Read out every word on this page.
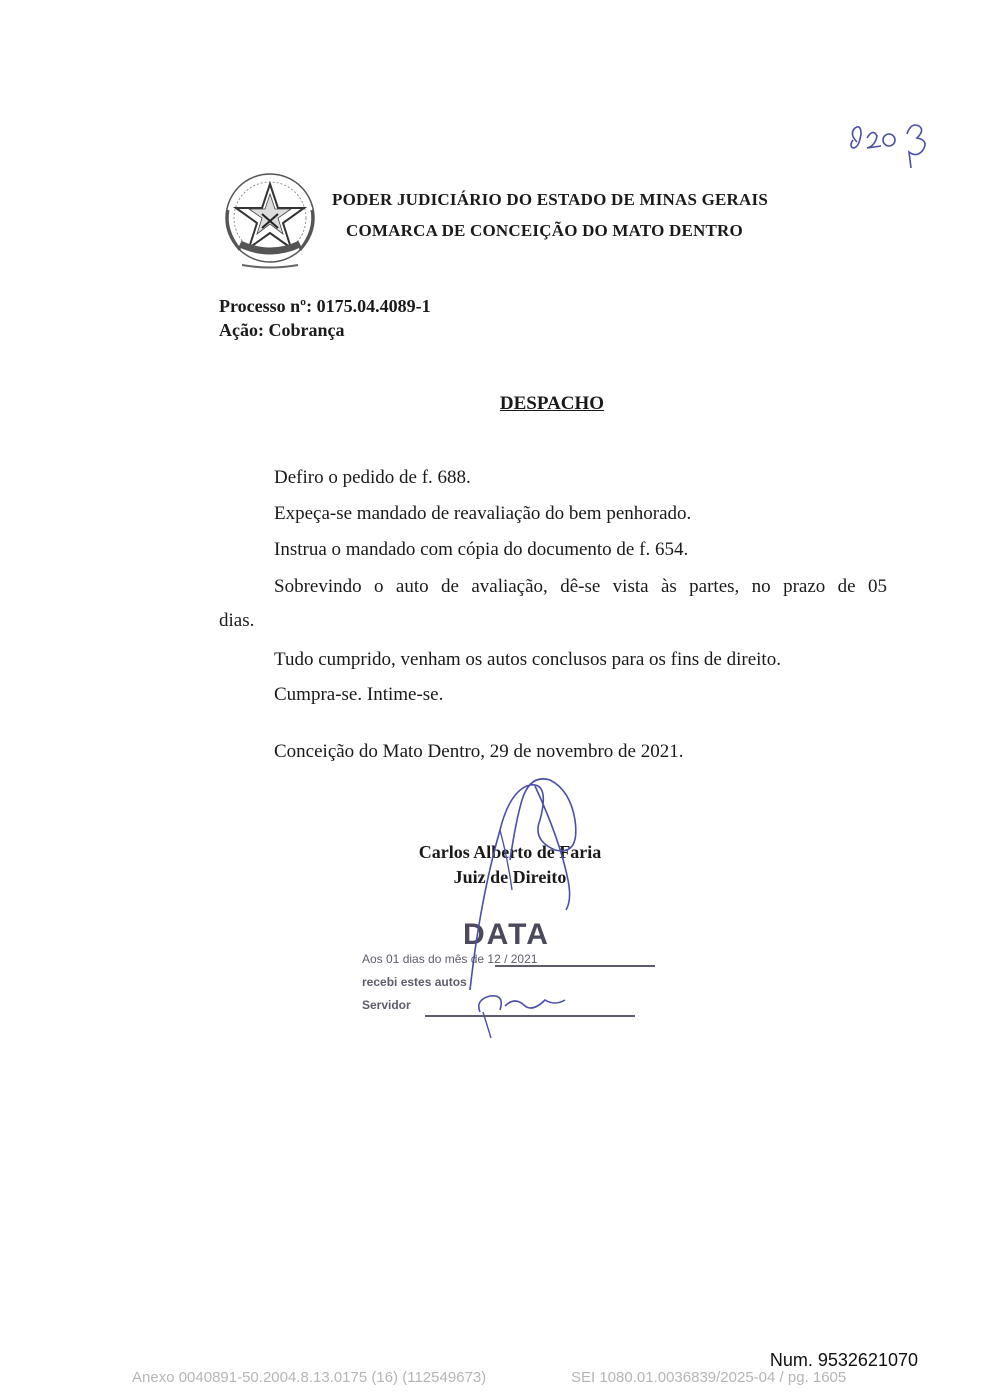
PODER JUDICIÁRIO DO ESTADO DE MINAS GERAIS
COMARCA DE CONCEIÇÃO DO MATO DENTRO
Processo nº: 0175.04.4089-1
Ação: Cobrança
DESPACHO
Defiro o pedido de f. 688.
Expeça-se mandado de reavaliação do bem penhorado.
Instrua o mandado com cópia do documento de f. 654.
Sobrevindo o auto de avaliação, dê-se vista às partes, no prazo de 05
dias.
Tudo cumprido, venham os autos conclusos para os fins de direito.
Cumpra-se. Intime-se.
Conceição do Mato Dentro, 29 de novembro de 2021.
Carlos Alberto de Faria
Juiz de Direito
DATA
Aos 01 dias do mês de 12 / 2021
recebi estes autos
Servidor
Num. 9532621070
Anexo 0040891-50.2004.8.13.0175 (16) (112549673)	SEI 1080.01.0036839/2025-04 / pg. 1605
